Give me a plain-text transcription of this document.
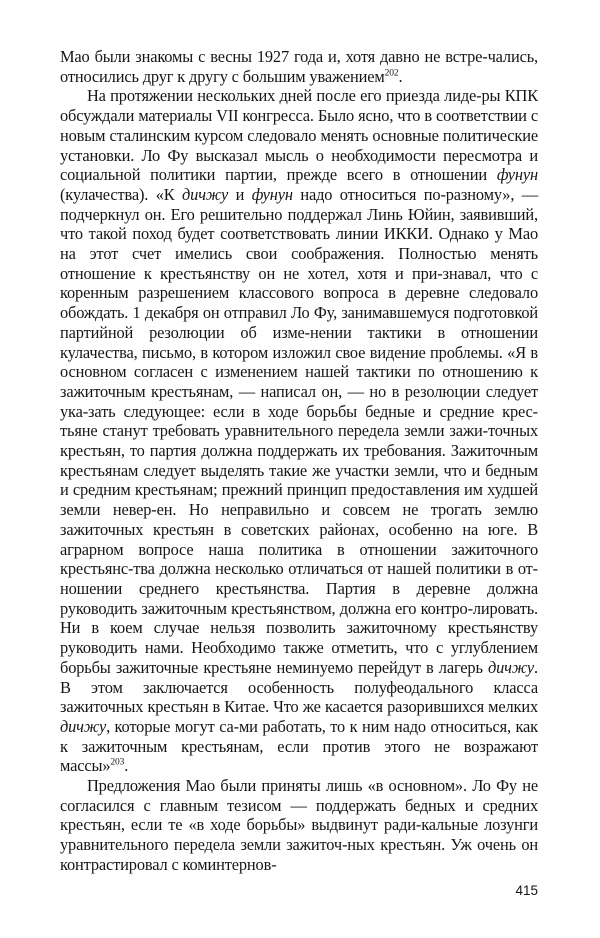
Мао были знакомы с весны 1927 года и, хотя давно не встре-чались, относились друг к другу с большим уважением$^{202}$.

На протяжении нескольких дней после его приезда лиде-ры КПК обсуждали материалы VII конгресса. Было ясно, что в соответствии с новым сталинским курсом следовало менять основные политические установки. Ло Фу высказал мысль о необходимости пересмотра и социальной политики партии, прежде всего в отношении фунун (кулачества). «К дичжу и фунун надо относиться по-разному», — подчеркнул он. Его решительно поддержал Линь Юйин, заявивший, что такой поход будет соответствовать линии ИККИ. Однако у Мао на этот счет имелись свои соображения. Полностью менять отношение к крестьянству он не хотел, хотя и при-знавал, что с коренным разрешением классового вопроса в деревне следовало обождать. 1 декабря он отправил Ло Фу, занимавшемуся подготовкой партийной резолюции об изме-нении тактики в отношении кулачества, письмо, в котором изложил свое видение проблемы. «Я в основном согласен с изменением нашей тактики по отношению к зажиточным крестьянам, — написал он, — но в резолюции следует ука-зать следующее: если в ходе борьбы бедные и средние крес-тьяне станут требовать уравнительного передела земли зажи-точных крестьян, то партия должна поддержать их требования. Зажиточным крестьянам следует выделять такие же участки земли, что и бедным и средним крестьянам; прежний принцип предоставления им худшей земли невер-ен. Но неправильно и совсем не трогать землю зажиточных крестьян в советских районах, особенно на юге. В аграрном вопросе наша политика в отношении зажиточного крестьянс-тва должна несколько отличаться от нашей политики в от-ношении среднего крестьянства. Партия в деревне должна руководить зажиточным крестьянством, должна его контро-лировать. Ни в коем случае нельзя позволить зажиточному крестьянству руководить нами. Необходимо также отметить, что с углублением борьбы зажиточные крестьяне неминуемо перейдут в лагерь дичжу. В этом заключается особенность полуфеодального класса зажиточных крестьян в Китае. Что же касается разорившихся мелких дичжу, которые могут са-ми работать, то к ним надо относиться, как к зажиточным крестьянам, если против этого не возражают массы»$^{203}$.

Предложения Мао были приняты лишь «в основном». Ло Фу не согласился с главным тезисом — поддержать бедных и средних крестьян, если те «в ходе борьбы» выдвинут ради-кальные лозунги уравнительного передела земли зажиточ-ных крестьян. Уж очень он контрастировал с коминтернов-

415
